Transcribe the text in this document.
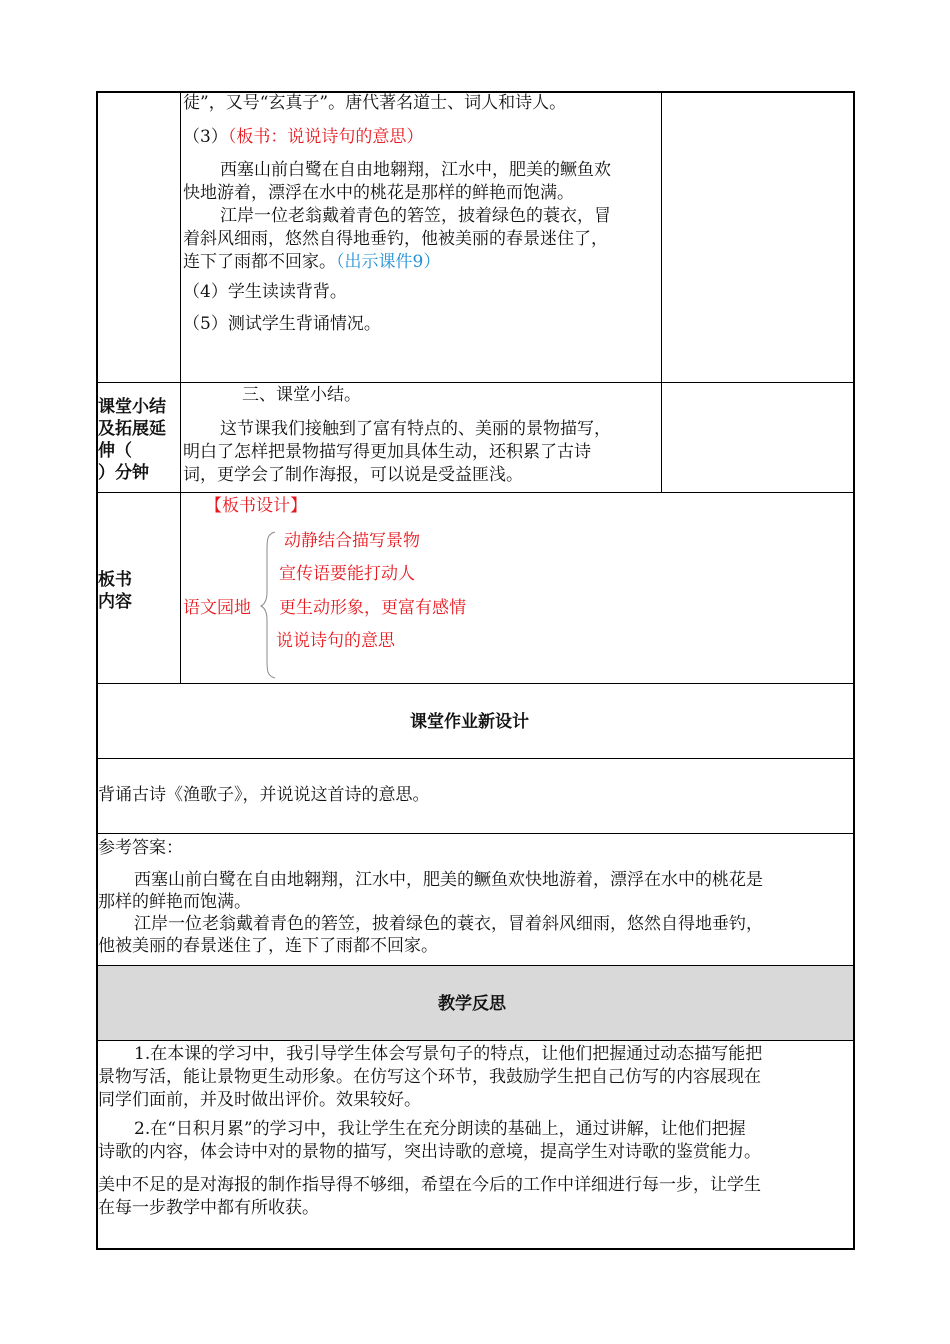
徒”，又号“玄真子”。唐代著名道士、词人和诗人。
（3）（板书：说说诗句的意思）
西塞山前白鹭在自由地翱翔，江水中，肥美的鳜鱼欢
快地游着，漂浮在水中的桃花是那样的鲜艳而饱满。
江岸一位老翁戴着青色的箬笠，披着绿色的蓑衣，冒
着斜风细雨，悠然自得地垂钓，他被美丽的春景迷住了，
连下了雨都不回家。（出示课件9）
（4）学生读读背背。
（5）测试学生背诵情况。
课堂小结
及拓展延
伸（
）分钟
三、课堂小结。
这节课我们接触到了富有特点的、美丽的景物描写，
明白了怎样把景物描写得更加具体生动，还积累了古诗
词，更学会了制作海报，可以说是受益匪浅。
板书
内容
【板书设计】
语文园地
动静结合描写景物
宣传语要能打动人
更生动形象，更富有感情
说说诗句的意思
课堂作业新设计
背诵古诗《渔歌子》，并说说这首诗的意思。
参考答案：
西塞山前白鹭在自由地翱翔，江水中，肥美的鳜鱼欢快地游着，漂浮在水中的桃花是
那样的鲜艳而饱满。
江岸一位老翁戴着青色的箬笠，披着绿色的蓑衣，冒着斜风细雨，悠然自得地垂钓，
他被美丽的春景迷住了，连下了雨都不回家。
教学反思
1.在本课的学习中，我引导学生体会写景句子的特点，让他们把握通过动态描写能把
景物写活，能让景物更生动形象。在仿写这个环节，我鼓励学生把自己仿写的内容展现在
同学们面前，并及时做出评价。效果较好。
2.在“日积月累”的学习中，我让学生在充分朗读的基础上，通过讲解，让他们把握
诗歌的内容，体会诗中对的景物的描写，突出诗歌的意境，提高学生对诗歌的鉴赏能力。
美中不足的是对海报的制作指导得不够细，希望在今后的工作中详细进行每一步，让学生
在每一步教学中都有所收获。
